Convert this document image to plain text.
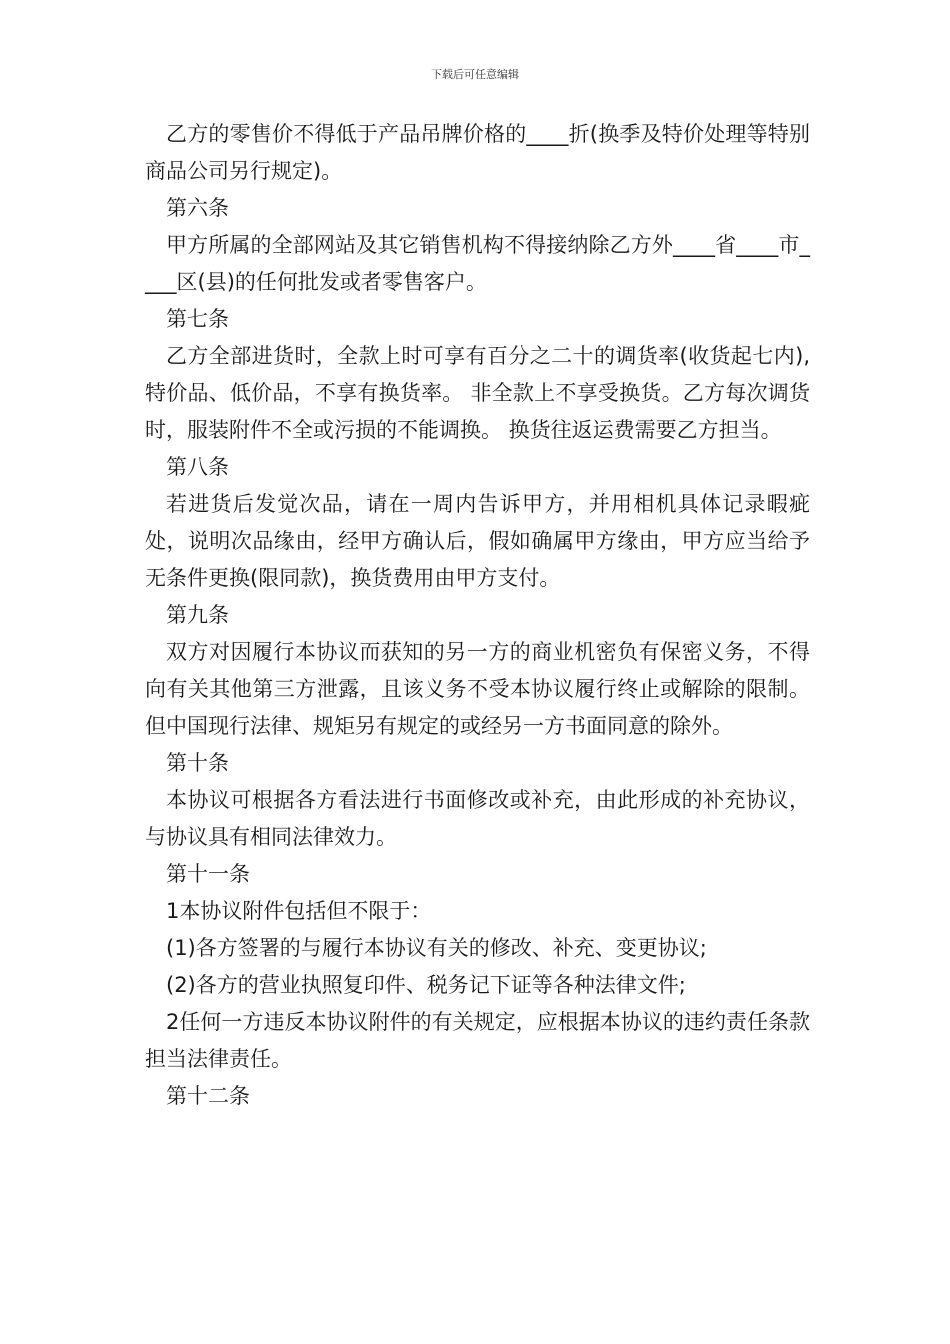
下载后可任意编辑

乙方的零售价不得低于产品吊牌价格的____折(换季及特价处理等特别商品公司另行规定)。

第六条

甲方所属的全部网站及其它销售机构不得接纳除乙方外____省____市____区(县)的任何批发或者零售客户。

第七条

乙方全部进货时，全款上时可享有百分之二十的调货率(收货起七内),特价品、低价品，不享有换货率。 非全款上不享受换货。乙方每次调货时，服装附件不全或污损的不能调换。 换货往返运费需要乙方担当。

第八条

若进货后发觉次品，请在一周内告诉甲方，并用相机具体记录暇疵处，说明次品缘由，经甲方确认后，假如确属甲方缘由，甲方应当给予无条件更换(限同款)，换货费用由甲方支付。

第九条

双方对因履行本协议而获知的另一方的商业机密负有保密义务，不得向有关其他第三方泄露，且该义务不受本协议履行终止或解除的限制。但中国现行法律、规矩另有规定的或经另一方书面同意的除外。

第十条

本协议可根据各方看法进行书面修改或补充，由此形成的补充协议，与协议具有相同法律效力。

第十一条

1本协议附件包括但不限于：

(1)各方签署的与履行本协议有关的修改、补充、变更协议;

(2)各方的营业执照复印件、税务记下证等各种法律文件;

2任何一方违反本协议附件的有关规定，应根据本协议的违约责任条款担当法律责任。

第十二条
